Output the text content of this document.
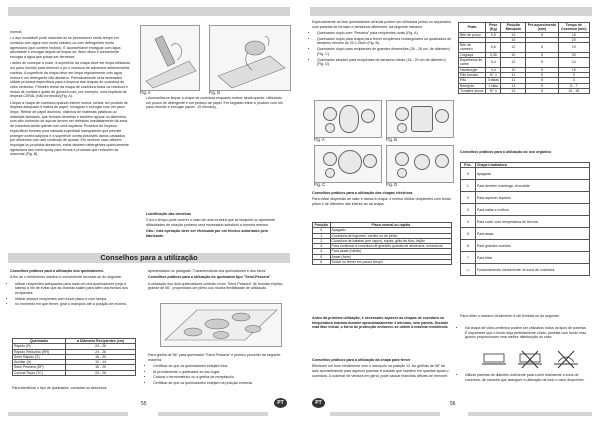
normal;

• o aço inoxidável pode manchar-se se permanecer muito tempo em contacto com água com muito calcário ou com detergentes muito agressivos (que contêm fósforo). É aconselhável enxaguar com água abundante e enxugar depois de limpar-se. Além disso é conveniente enxugar a água que possa ser derramar;

• antes de começar a cozer, a superfície da chapa deve ser limpa utilizando um pano húmido para remover o pó e resíduos de alimentos anteriormente cozidos. A superfície da chapa deve ser limpa regularmente com água morna e um detergente não abrasivo. Periodicamente será necessário utilizar produtos específicos para a limpeza das chapas de cozedura de vidro cerâmico. Primeiro retirar da chapa de cozedura todos os resíduos e restos de comida e gotas de gordura com, por exemplo, uma espátula de limpeza CERAL (não fornecido)(Fig. A).

Limpar a chapa de cozedura quando estiver morna, utilizar um produto de limpeza adequado e toalha de papel; enxaguar e enxugar com um pano limpo. Retirar de papel alumínio, objectos de materiais plásticos ou materiais similares, que tenham derretido e também açúcar ou alimentos com alto conteúdo de açúcar devem ser retirados imediatamente da zona de cozedura ainda quente com uma espátula. Produtos de limpeza específicos formam uma camada superficial transparente que permite proteger contra salpicos e a superfície contra possíveis danos causados por alimentos com alto conteúdo de açúcar. Em nenhum caso utilizem esponjas ou produtos abrasivos, evitar também detergentes quimicamente agressivos tais como spray para fornos e produtos que removem as manchas (Fig. B).

Fig. A	Fig. B
• Aconselha-se limpar a chapa de cozedura enquanto estiver ainda quente, utilizando um pouco de detergente e um pedaço de papel. Em seguida retirar o produto com um pano húmido e enxugar (aprox. 15 minutos).

Lubrificação das torneiras

Com o tempo pode ocorrer o caso de uma torneira que se bloqueie ou apresente dificuldades de rotação portanto será necessário substituir a torneira mesmo.

Obs.: esta operação deve ser efectuada por um técnico autorizado pelo fabricante.

Conselhos para a utilização

Conselhos práticos para a utilização dos queimadores.

A fim de o rendimento máximo é conveniente recordar-se do seguinte:

• utilizar recipientes adequados para cada um dos queimadores (veja a tabela) a fim de evitar que as chamas saiam para além dos fundos dos recipientes.
• utilizar sempre recipientes com fundo plano e com tampa.
• no momento em que ferver, girar o manípulo até a posição de mínimo.
Queimador	ø Diâmetro Recipientes (cm)
Rápido (R)	24 - 26
Rápido Reduzido (RR)	24 - 26
Semi Rápido (S)	16 - 20
Auxiliar (A)	10 - 14
Semi Pessera (SP)	16 - 20
Corona Triplo (TC)	24 - 26
Para identificar o tipo de queimador, consultar os desenhos

apresentados no parágrafo "Características dos queimadores e dos bicos".

Conselhos práticos para a utilização do queimador tipo "Semi-Pessera"

A utilização dos dois queimadores centrais como "Semi-Pessera" de formato elíptico, grande de 56", proporciona um pleno uso noutra flexibilidade de utilização.

Para grelha de 56" para queimador "Semi-Pessera" é preciso proceder da seguinte maneira:

• Certificar-se que os queimadores estejam frios.
• Aí prontamente o queimador ao seu lugar.
• Colocar o termométrico ou a grelha de receptáculo.
• Certificar-se que os queimadores estejam na posição correcta.
55	PT

Especialmente os dois queimadores centrais podem ser utilizados juntos ou separados, com panelas de formato e tamanhos diferentes, da seguinte maneira:

• Queimador duplo com "Pessera" para recipientes ovais (Fig. A).
• Queimador duplo para chapa para ferver recipientes rectangulares ou quadrados de tamanho mínimo de 20 x 25cm (Fig. B).
• Queimador duplo para recipientes de grandes dimensões (26 - 28 cm, de diâmetro) (Fig. C).
• Queimador simples para recipientes de tamanho médio (16 - 20 cm de diâmetro) (Fig. D).
Fig. A	Fig. B
Fig. C	Fig. D

Conselhos práticos para a utilização das chapas eléctricas

Para evitar dispersão de calor e danos à chapa, é melhor utilizar recipientes com fundo plano e de diâmetro não inferior ao da chapa.

Posição	Placa normal ou rápida
0	Apagado
1	Cozedura de legumes, verdes ou de peixe
2	Cozedura de batatas (em vapor), sopas, grão de bico, feijão
3	Para continuar a cozedura de grandes quantia de alimentos, minestroni
4	Para assar (médio)
5	Assar (forte)
6	Tostar ou ferver em pouco tempo
Antes da primeira utilização, é necessário aquecer as chapas de cozedura no temperatura máxima durante aproximadamente 4 minutos, sem panela. Durante esta fase inicial, o forno de protecção endurece-se obtém a máxima resistência.

Conselhos práticos para a utilização da chapa para ferver

Efectuem um bom rendimento com o manípulo na posição 12. As grelhas de 56" tal lado aconselhamos para aquecer panelas à cozidas que mantém em quantas apoia o cozedura. A cozinhar de verdura em geral, pode causar manchas difíceis de remover.

Prato	Peso (Kg)	Posição Manípulo	Pré-aquecimento (min)	Tempo de Cozedura (min)
Bife de porco	0,5	12	5	15
		10		20
Bife de carneiro	0,6	12	5	10
Linguiça	0,45	10	5	20
Espetinhos de carne	0,4	12	5	14
Hamburger	0,4	10	5	15
Pão torrado	N° 4	11	5	3
Pão	3 fatias	11	5	3
Berinjela	1 fatia	12	5	5 - 7
Tomates secos	N° 4	12	5	10 - 15
Conselhos práticos para a utilização do ôvo orgânico
Pos.	Chapa irradiadora
0	Apagada
1	Para derreter manteiga, chocolate
2	Para aquecer líquidos
3	Para natas e molhos
4	Para cozer com temperatura de fervura
5	Para assar
6	Para grandes cozidos
7	Para fritar
▭	Funcionamento conveniente na zona de cozedura
Para obter o máximo rendimento é útil lembrar-se do seguinte:
• Na chapa de vidro-cerâmica podem ser utilizados todos os tipos de panelas. É importante que o fundo seja perfeitamente chato; panelas com fundo mau grosso proporcionam uma melhor distribuição do calor.
• Utilizar panelas de diâmetro suficiente para cobrir totalmente a zona de cozedura, de maneira que assegure a utilização de todo o calor disponível.
PT	56
